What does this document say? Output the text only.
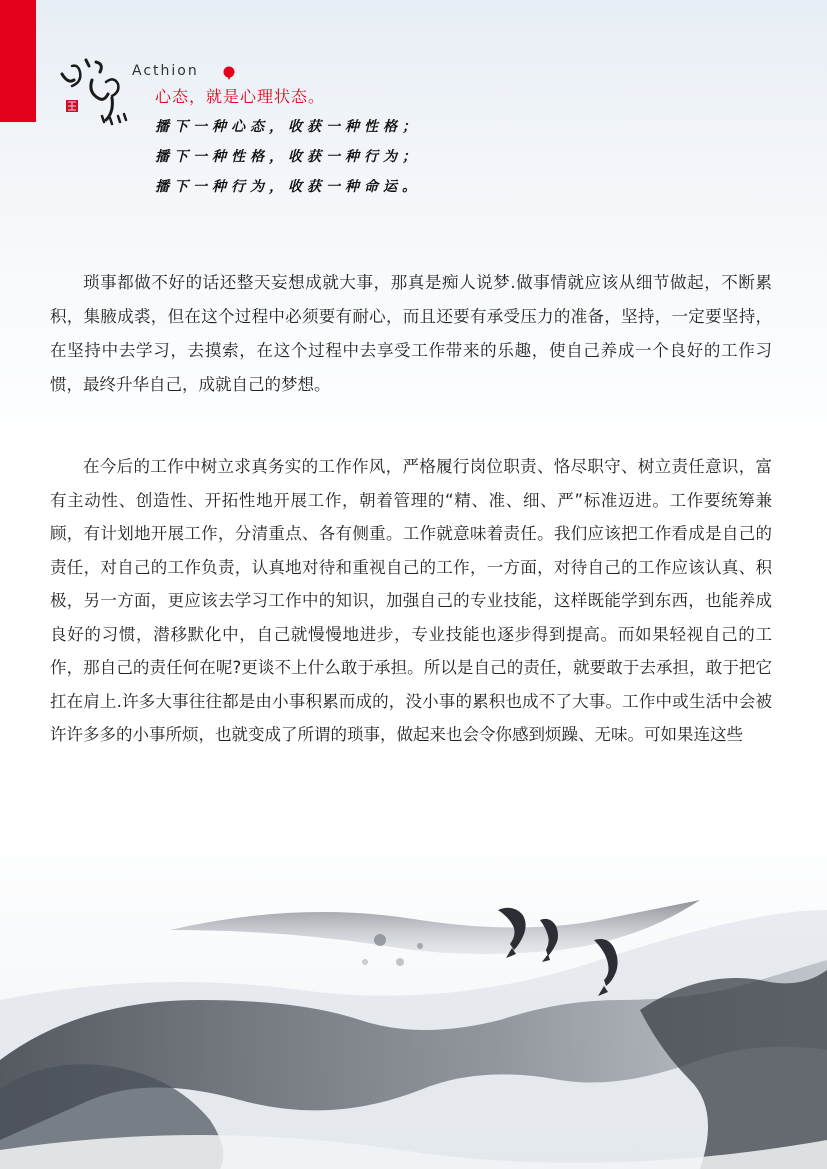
Acthion
心态，就是心理状态。
播下一种心态，收获一种性格；
播下一种性格，收获一种行为；
播下一种行为，收获一种命运。
琐事都做不好的话还整天妄想成就大事，那真是痴人说梦.做事情就应该从细节做起，不断累积，集腋成裘，但在这个过程中必须要有耐心，而且还要有承受压力的准备，坚持，一定要坚持，在坚持中去学习，去摸索，在这个过程中去享受工作带来的乐趣，使自己养成一个良好的工作习惯，最终升华自己，成就自己的梦想。
在今后的工作中树立求真务实的工作作风，严格履行岗位职责、恪尽职守、树立责任意识，富有主动性、创造性、开拓性地开展工作，朝着管理的“精、准、细、严”标准迈进。工作要统筹兼顾，有计划地开展工作，分清重点、各有侧重。工作就意味着责任。我们应该把工作看成是自己的责任，对自己的工作负责，认真地对待和重视自己的工作，一方面，对待自己的工作应该认真、积极，另一方面，更应该去学习工作中的知识，加强自己的专业技能，这样既能学到东西，也能养成良好的习惯，潜移默化中，自己就慢慢地进步，专业技能也逐步得到提高。而如果轻视自己的工作，那自己的责任何在呢?更谈不上什么敢于承担。所以是自己的责任，就要敢于去承担，敢于把它扛在肩上.许多大事往往都是由小事积累而成的，没小事的累积也成不了大事。工作中或生活中会被许许多多的小事所烦，也就变成了所谓的琐事，做起来也会令你感到烦躁、无味。可如果连这些
